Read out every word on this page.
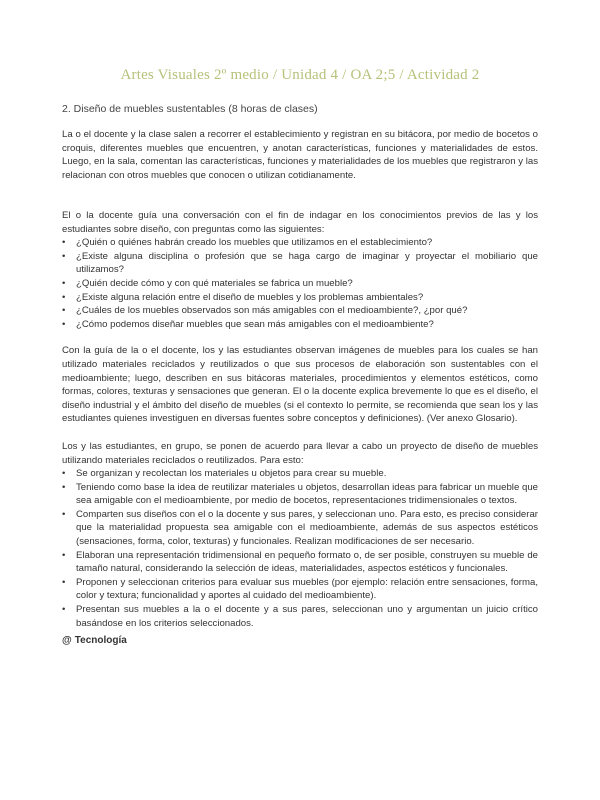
Artes Visuales 2º medio / Unidad 4 / OA 2;5 / Actividad 2
2. Diseño de muebles sustentables (8 horas de clases)

La o el docente y la clase salen a recorrer el establecimiento y registran en su bitácora, por medio de bocetos o croquis, diferentes muebles que encuentren, y anotan características, funciones y materialidades de estos. Luego, en la sala, comentan las características, funciones y materialidades de los muebles que registraron y las relacionan con otros muebles que conocen o utilizan cotidianamente.

El o la docente guía una conversación con el fin de indagar en los conocimientos previos de las y los estudiantes sobre diseño, con preguntas como las siguientes:

• ¿Quién o quiénes habrán creado los muebles que utilizamos en el establecimiento?
• ¿Existe alguna disciplina o profesión que se haga cargo de imaginar y proyectar el mobiliario que utilizamos?
• ¿Quién decide cómo y con qué materiales se fabrica un mueble?
• ¿Existe alguna relación entre el diseño de muebles y los problemas ambientales?
• ¿Cuáles de los muebles observados son más amigables con el medioambiente?, ¿por qué?
• ¿Cómo podemos diseñar muebles que sean más amigables con el medioambiente?

Con la guía de la o el docente, los y las estudiantes observan imágenes de muebles para los cuales se han utilizado materiales reciclados y reutilizados o que sus procesos de elaboración son sustentables con el medioambiente; luego, describen en sus bitácoras materiales, procedimientos y elementos estéticos, como formas, colores, texturas y sensaciones que generan. El o la docente explica brevemente lo que es el diseño, el diseño industrial y el ámbito del diseño de muebles (si el contexto lo permite, se recomienda que sean los y las estudiantes quienes investiguen en diversas fuentes sobre conceptos y definiciones). (Ver anexo Glosario).

Los y las estudiantes, en grupo, se ponen de acuerdo para llevar a cabo un proyecto de diseño de muebles utilizando materiales reciclados o reutilizados. Para esto:

• Se organizan y recolectan los materiales u objetos para crear su mueble.
• Teniendo como base la idea de reutilizar materiales u objetos, desarrollan ideas para fabricar un mueble que sea amigable con el medioambiente, por medio de bocetos, representaciones tridimensionales o textos.
• Comparten sus diseños con el o la docente y sus pares, y seleccionan uno. Para esto, es preciso considerar que la materialidad propuesta sea amigable con el medioambiente, además de sus aspectos estéticos (sensaciones, forma, color, texturas) y funcionales. Realizan modificaciones de ser necesario.
• Elaboran una representación tridimensional en pequeño formato o, de ser posible, construyen su mueble de tamaño natural, considerando la selección de ideas, materialidades, aspectos estéticos y funcionales.
• Proponen y seleccionan criterios para evaluar sus muebles (por ejemplo: relación entre sensaciones, forma, color y textura; funcionalidad y aportes al cuidado del medioambiente).
• Presentan sus muebles a la o el docente y a sus pares, seleccionan uno y argumentan un juicio crítico basándose en los criterios seleccionados.
@ Tecnología
